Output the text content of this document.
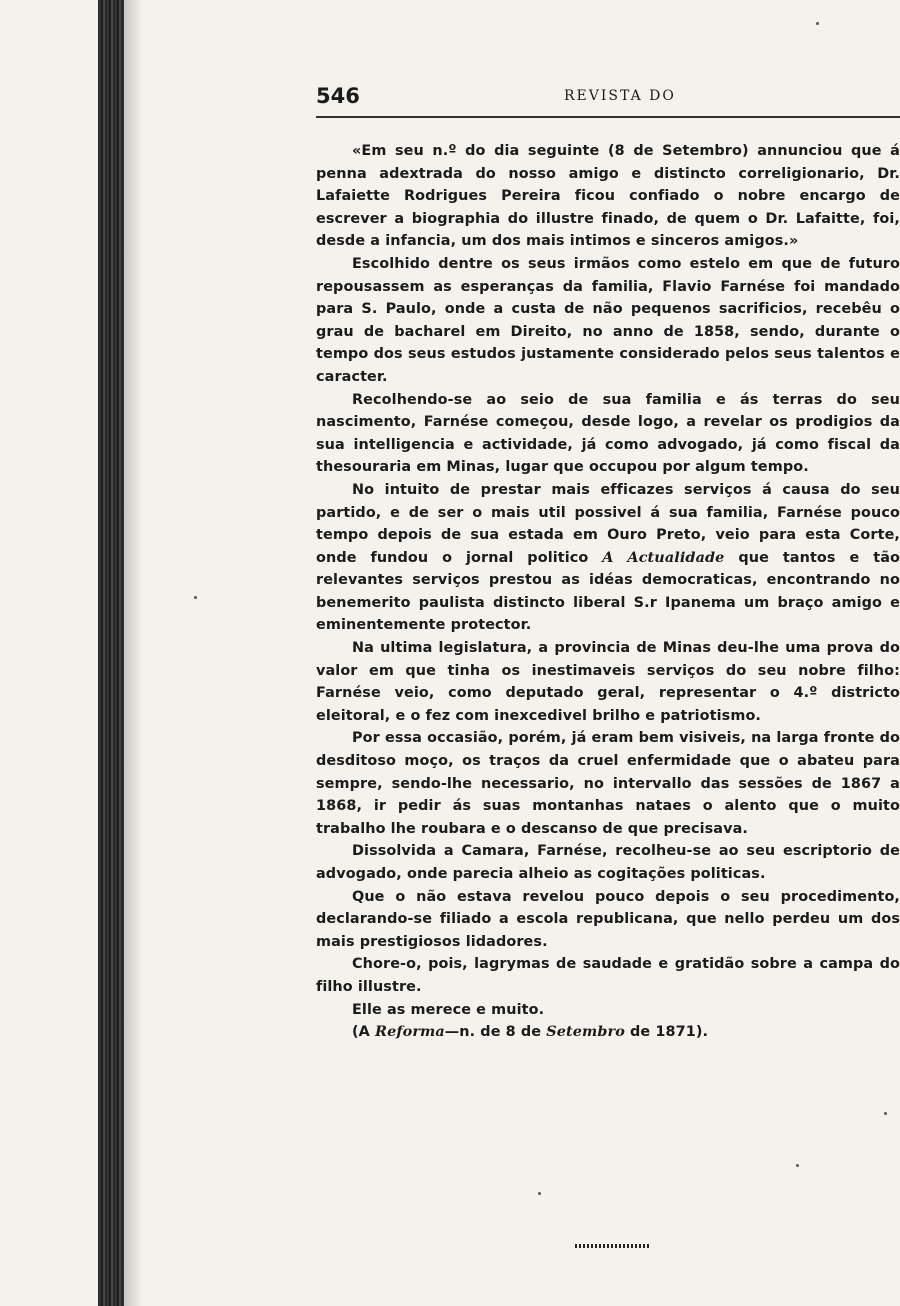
546	REVISTA DO

«Em seu n.º do dia seguinte (8 de Setembro) annunciou que á penna adextrada do nosso amigo e distincto correligionario, Dr. Lafaiette Rodrigues Pereira ficou confiado o nobre encargo de escrever a biographia do illustre finado, de quem o Dr. Lafaitte, foi, desde a infancia, um dos mais intimos e sinceros amigos.»

Escolhido dentre os seus irmãos como estelo em que de futuro repousassem as esperanças da familia, Flavio Farnése foi mandado para S. Paulo, onde a custa de não pequenos sacrificios, recebêu o grau de bacharel em Direito, no anno de 1858, sendo, durante o tempo dos seus estudos justamente considerado pelos seus talentos e caracter.

Recolhendo-se ao seio de sua familia e ás terras do seu nascimento, Farnése começou, desde logo, a revelar os prodigios da sua intelligencia e actividade, já como advogado, já como fiscal da thesouraria em Minas, lugar que occupou por algum tempo.

No intuito de prestar mais efficazes serviços á causa do seu partido, e de ser o mais util possivel á sua familia, Farnése pouco tempo depois de sua estada em Ouro Preto, veio para esta Corte, onde fundou o jornal politico A Actualidade que tantos e tão relevantes serviços prestou as idéas democraticas, encontrando no benemerito paulista distincto liberal S.r Ipanema um braço amigo e eminentemente protector.

Na ultima legislatura, a provincia de Minas deu-lhe uma prova do valor em que tinha os inestimaveis serviços do seu nobre filho: Farnése veio, como deputado geral, representar o 4.º districto eleitoral, e o fez com inexcedivel brilho e patriotismo.

Por essa occasião, porém, já eram bem visiveis, na larga fronte do desditoso moço, os traços da cruel enfermidade que o abateu para sempre, sendo-lhe necessario, no intervallo das sessões de 1867 a 1868, ir pedir ás suas montanhas nataes o alento que o muito trabalho lhe roubara e o descanso de que precisava.

Dissolvida a Camara, Farnése, recolheu-se ao seu escriptorio de advogado, onde parecia alheio as cogitações politicas.

Que o não estava revelou pouco depois o seu procedimento, declarando-se filiado a escola republicana, que nello perdeu um dos mais prestigiosos lidadores.

Chore-o, pois, lagrymas de saudade e gratidão sobre a campa do filho illustre.

Elle as merece e muito.

(A Reforma—n. de 8 de Setembro de 1871).
